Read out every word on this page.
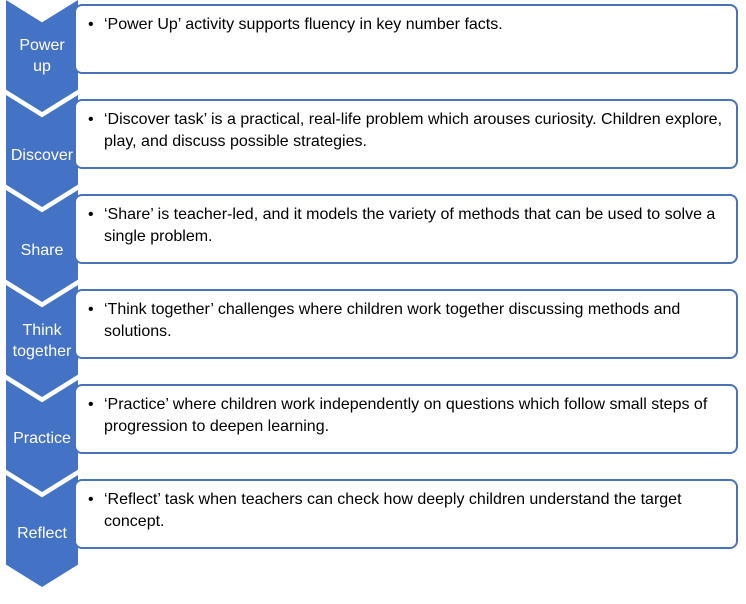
Power
up
• ‘Power Up’ activity supports fluency in key number facts.
Discover
• ‘Discover task’ is a practical, real-life problem which arouses curiosity. Children explore, play, and discuss possible strategies.
Share
• ‘Share’ is teacher-led, and it models the variety of methods that can be used to solve a single problem.
Think
together
• ‘Think together’ challenges where children work together discussing methods and solutions.
Practice
• ‘Practice’ where children work independently on questions which follow small steps of progression to deepen learning.
Reflect
• ‘Reflect’ task when teachers can check how deeply children understand the target concept.
